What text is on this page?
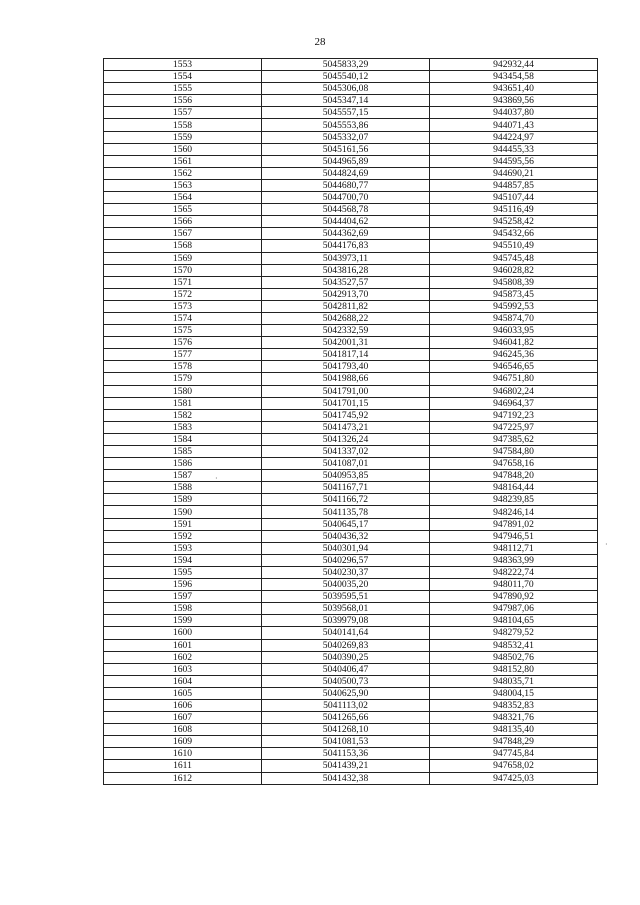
28
1553	5045833,29	942932,44
1554	5045540,12	943454,58
1555	5045306,08	943651,40
1556	5045347,14	943869,56
1557	5045557,15	944037,80
1558	5045553,86	944071,43
1559	5045332,07	944224,97
1560	5045161,56	944455,33
1561	5044965,89	944595,56
1562	5044824,69	944690,21
1563	5044680,77	944857,85
1564	5044700,70	945107,44
1565	5044568,78	945116,49
1566	5044404,62	945258,42
1567	5044362,69	945432,66
1568	5044176,83	945510,49
1569	5043973,11	945745,48
1570	5043816,28	946028,82
1571	5043527,57	945808,39
1572	5042913,70	945873,45
1573	5042811,82	945992,53
1574	5042688,22	945874,70
1575	5042332,59	946033,95
1576	5042001,31	946041,82
1577	5041817,14	946245,36
1578	5041793,40	946546,65
1579	5041988,66	946751,80
1580	5041791,00	946802,24
1581	5041701,15	946964,37
1582	5041745,92	947192,23
1583	5041473,21	947225,97
1584	5041326,24	947385,62
1585	5041337,02	947584,80
1586	5041087,01	947658,16
1587	5040953,85	947848,20
1588	5041167,71	948164,44
1589	5041166,72	948239,85
1590	5041135,78	948246,14
1591	5040645,17	947891,02
1592	5040436,32	947946,51
1593	5040301,94	948112,71
1594	5040296,57	948363,99
1595	5040230,37	948222,74
1596	5040035,20	948011,70
1597	5039595,51	947890,92
1598	5039568,01	947987,06
1599	5039979,08	948104,65
1600	5040141,64	948279,52
1601	5040269,83	948532,41
1602	5040390,25	948502,76
1603	5040406,47	948152,80
1604	5040500,73	948035,71
1605	5040625,90	948004,15
1606	5041113,02	948352,83
1607	5041265,66	948321,76
1608	5041268,10	948135,40
1609	5041081,53	947848,29
1610	5041153,36	947745,84
1611	5041439,21	947658,02
1612	5041432,38	947425,03
·
·
